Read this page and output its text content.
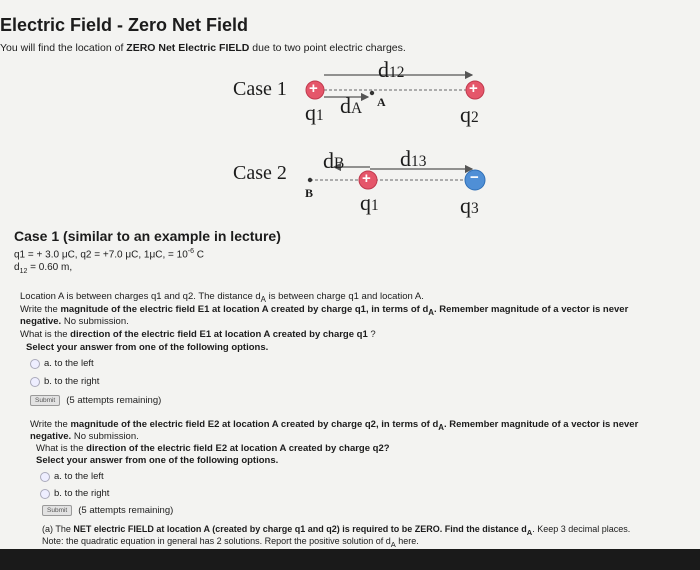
Electric Field - Zero Net Field
You will find the location of ZERO Net Electric FIELD due to two point electric charges.
Case 1
Case 2
+	+
+	−
d12
dA A
q1	q2
dB	d13
B q1	q3
Case 1 (similar to an example in lecture)
q1 = + 3.0 μC, q2 = +7.0 μC, 1μC, = $10^{-6}$ C
$d_{12} = 0.60$ m,
Location A is between charges q1 and q2. The distance $d_A$ is between charge q1 and location A.
Write the magnitude of the electric field E1 at location A created by charge q1, in terms of $d_A$. Remember magnitude of a vector is never
negative. No submission.
What is the direction of the electric field E1 at location A created by charge q1 ?
Select your answer from one of the following options.
a. to the left
b. to the right
Submit	(5 attempts remaining)
Write the magnitude of the electric field E2 at location A created by charge q2, in terms of $d_A$. Remember magnitude of a vector is never
negative. No submission.
What is the direction of the electric field E2 at location A created by charge q2?
Select your answer from one of the following options.
a. to the left
b. to the right
Submit	(5 attempts remaining)
(a) The NET electric FIELD at location A (created by charge q1 and q2) is required to be ZERO. Find the distance $d_A$. Keep 3 decimal places.
Note: the quadratic equation in general has 2 solutions. Report the positive solution of $d_A$ here.
